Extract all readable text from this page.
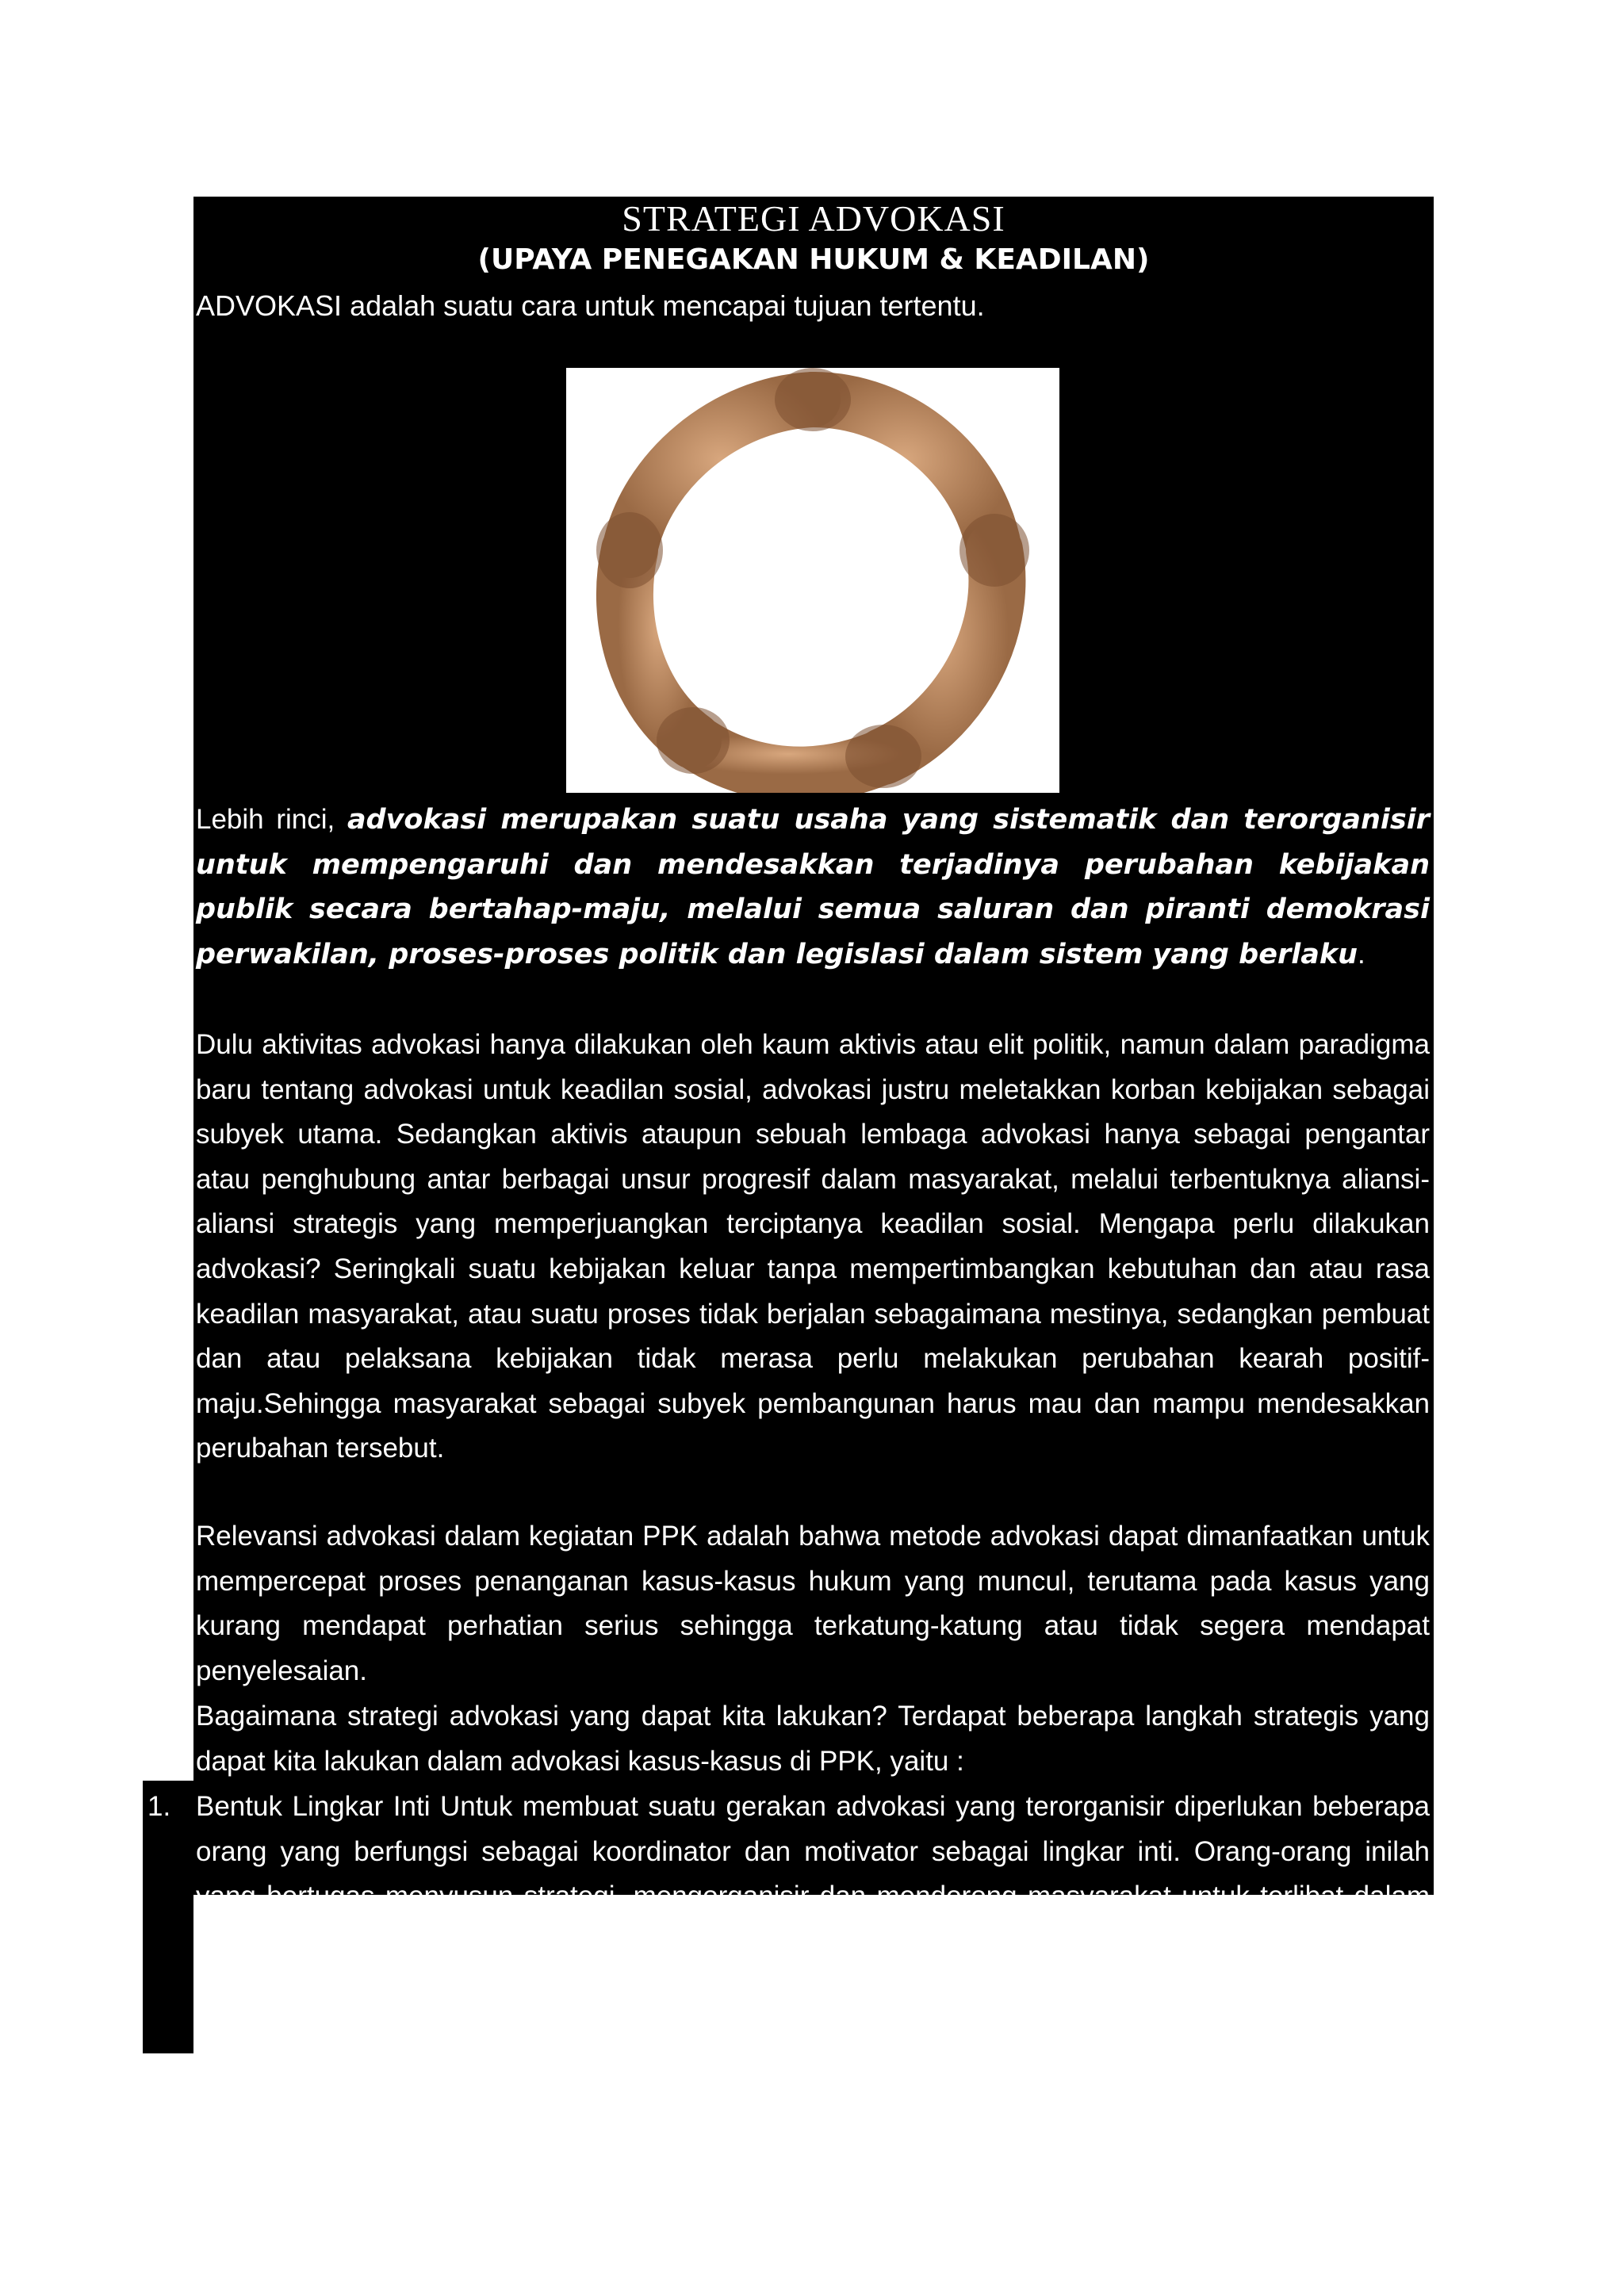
STRATEGI ADVOKASI
(UPAYA PENEGAKAN HUKUM & KEADILAN)
ADVOKASI adalah suatu cara untuk mencapai tujuan tertentu.
Lebih rinci, advokasi merupakan suatu usaha yang sistematik dan terorganisir untuk mempengaruhi dan mendesakkan terjadinya perubahan kebijakan publik secara bertahap-maju, melalui semua saluran dan piranti demokrasi perwakilan, proses-proses politik dan legislasi dalam sistem yang berlaku.
Dulu aktivitas advokasi hanya dilakukan oleh kaum aktivis atau elit politik, namun dalam paradigma baru tentang advokasi untuk keadilan sosial, advokasi justru meletakkan korban kebijakan sebagai subyek utama. Sedangkan aktivis ataupun sebuah lembaga advokasi hanya sebagai pengantar atau penghubung antar berbagai unsur progresif dalam masyarakat, melalui terbentuknya aliansi-aliansi strategis yang memperjuangkan terciptanya keadilan sosial. Mengapa perlu dilakukan advokasi? Seringkali suatu kebijakan keluar tanpa mempertimbangkan kebutuhan dan atau rasa keadilan masyarakat, atau suatu proses tidak berjalan sebagaimana mestinya, sedangkan pembuat dan atau pelaksana kebijakan tidak merasa perlu melakukan perubahan kearah positif-maju.Sehingga masyarakat sebagai subyek pembangunan harus mau dan mampu mendesakkan perubahan tersebut.
Relevansi advokasi dalam kegiatan PPK adalah bahwa metode advokasi dapat dimanfaatkan untuk mempercepat proses penanganan kasus-kasus hukum yang muncul, terutama pada kasus yang kurang mendapat perhatian serius sehingga terkatung-katung atau tidak segera mendapat penyelesaian.
Bagaimana strategi advokasi yang dapat kita lakukan? Terdapat beberapa langkah strategis yang dapat kita lakukan dalam advokasi kasus-kasus di PPK, yaitu :
1. Bentuk Lingkar Inti Untuk membuat suatu gerakan advokasi yang terorganisir diperlukan beberapa orang yang berfungsi sebagai koordinator dan motivator sebagai lingkar inti. Orang-orang inilah yang bertugas menyusun strategi, mengorganisir dan mendorong masyarakat untuk terlibat dalam upaya advokasi kasus dan bagaimana cara melakukannya. Dalam upaya penanganan masalah, lingkar inti sebenarnya sudah sering ada yaitu tim khusus yang dibentuk dalam Musyawarah khusus. Lingkar inti dapat terdiri dari beberapa
